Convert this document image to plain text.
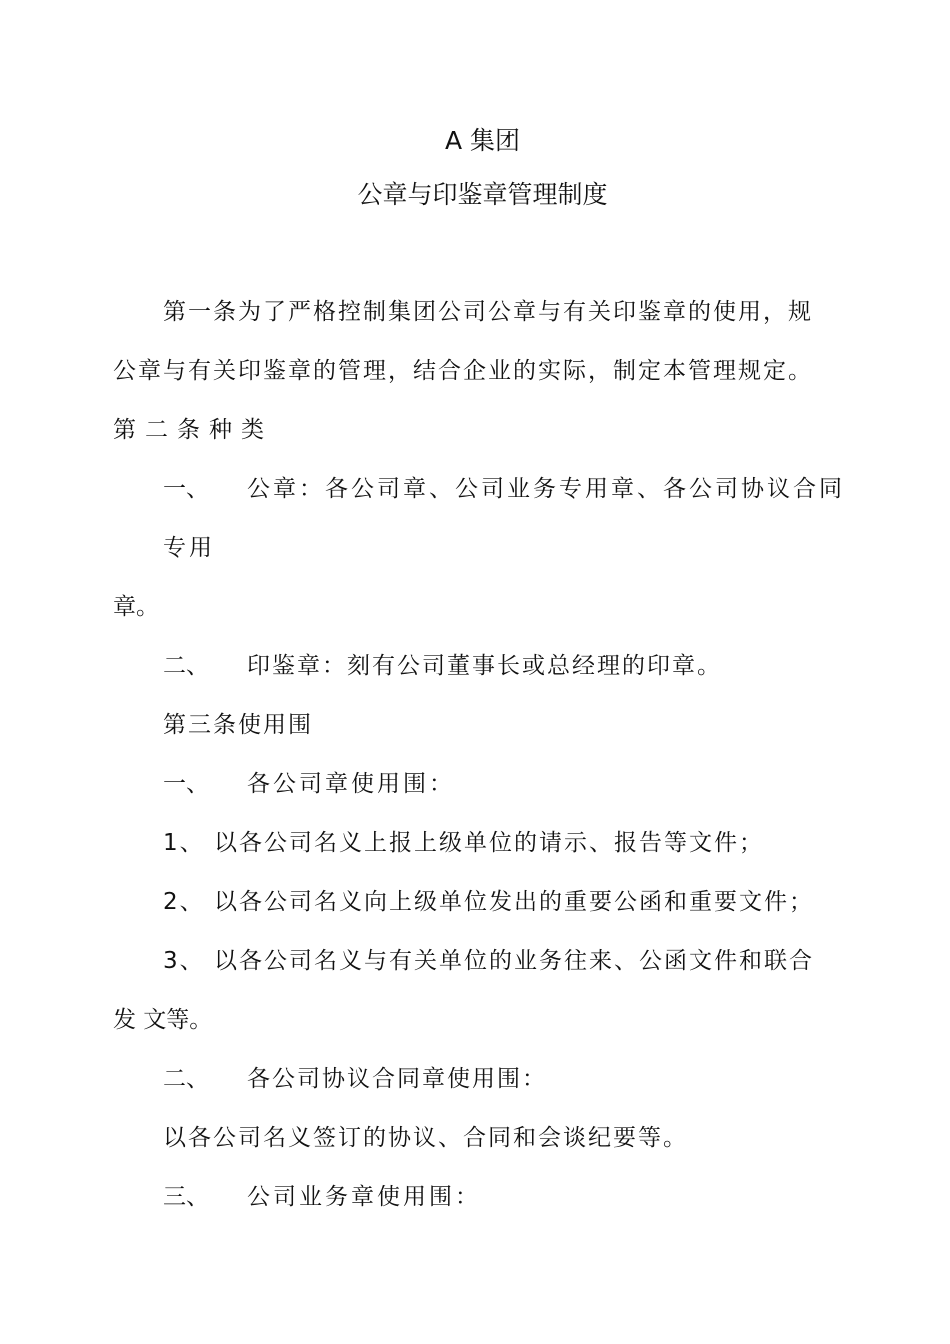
A 集团
公章与印鉴章管理制度
第一条为了严格控制集团公司公章与有关印鉴章的使用，规
公章与有关印鉴章的管理，结合企业的实际，制定本管理规定。
第二条种类
一、 公章：各公司章、公司业务专用章、各公司协议合同
专用
章。
二、 印鉴章：刻有公司董事长或总经理的印章。
第三条使用围
一、 各公司章使用围：
1、 以各公司名义上报上级单位的请示、报告等文件；
2、 以各公司名义向上级单位发出的重要公函和重要文件；
3、 以各公司名义与有关单位的业务往来、公函文件和联合
发 文等。
二、 各公司协议合同章使用围：
以各公司名义签订的协议、合同和会谈纪要等。
三、 公司业务章使用围：
